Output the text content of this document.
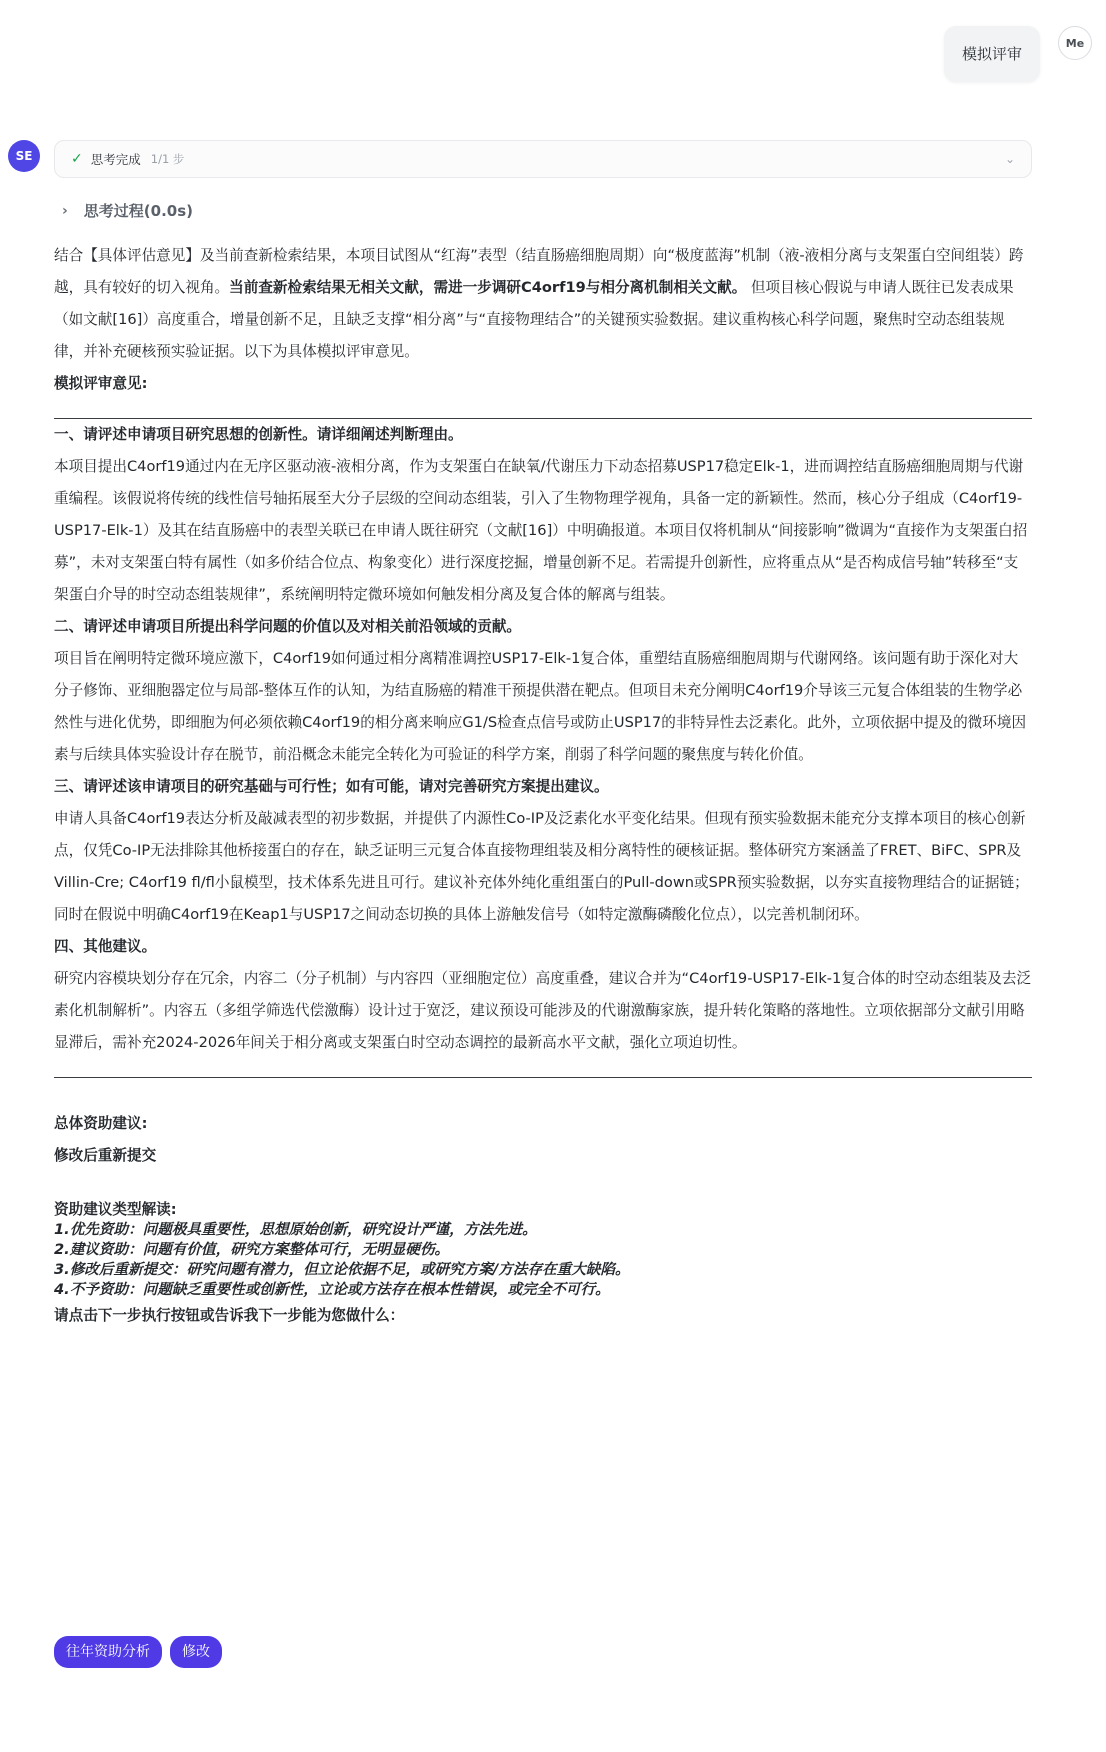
模拟评审
Me
SE	✓ 思考完成 1/1 步	⌄
› 思考过程(0.0s)

结合【具体评估意见】及当前查新检索结果，本项目试图从“红海”表型（结直肠癌细胞周期）向“极度蓝海”机制（液-液相分离与支架蛋白空间组装）跨越，具有较好的切入视角。当前查新检索结果无相关文献，需进一步调研C4orf19与相分离机制相关文献。 但项目核心假说与申请人既往已发表成果（如文献[16]）高度重合，增量创新不足，且缺乏支撑“相分离”与“直接物理结合”的关键预实验数据。建议重构核心科学问题，聚焦时空动态组装规律，并补充硬核预实验证据。以下为具体模拟评审意见。

模拟评审意见:

一、请评述申请项目研究思想的创新性。请详细阐述判断理由。

本项目提出C4orf19通过内在无序区驱动液-液相分离，作为支架蛋白在缺氧/代谢压力下动态招募USP17稳定Elk-1，进而调控结直肠癌细胞周期与代谢重编程。该假说将传统的线性信号轴拓展至大分子层级的空间动态组装，引入了生物物理学视角，具备一定的新颖性。然而，核心分子组成（C4orf19-USP17-Elk-1）及其在结直肠癌中的表型关联已在申请人既往研究（文献[16]）中明确报道。本项目仅将机制从“间接影响”微调为“直接作为支架蛋白招募”，未对支架蛋白特有属性（如多价结合位点、构象变化）进行深度挖掘，增量创新不足。若需提升创新性，应将重点从“是否构成信号轴”转移至“支架蛋白介导的时空动态组装规律”，系统阐明特定微环境如何触发相分离及复合体的解离与组装。

二、请评述申请项目所提出科学问题的价值以及对相关前沿领域的贡献。

项目旨在阐明特定微环境应激下，C4orf19如何通过相分离精准调控USP17-Elk-1复合体，重塑结直肠癌细胞周期与代谢网络。该问题有助于深化对大分子修饰、亚细胞器定位与局部-整体互作的认知，为结直肠癌的精准干预提供潜在靶点。但项目未充分阐明C4orf19介导该三元复合体组装的生物学必然性与进化优势，即细胞为何必须依赖C4orf19的相分离来响应G1/S检查点信号或防止USP17的非特异性去泛素化。此外，立项依据中提及的微环境因素与后续具体实验设计存在脱节，前沿概念未能完全转化为可验证的科学方案，削弱了科学问题的聚焦度与转化价值。

三、请评述该申请项目的研究基础与可行性；如有可能，请对完善研究方案提出建议。

申请人具备C4orf19表达分析及敲减表型的初步数据，并提供了内源性Co-IP及泛素化水平变化结果。但现有预实验数据未能充分支撑本项目的核心创新点，仅凭Co-IP无法排除其他桥接蛋白的存在，缺乏证明三元复合体直接物理组装及相分离特性的硬核证据。整体研究方案涵盖了FRET、BiFC、SPR及Villin-Cre; C4orf19 fl/fl小鼠模型，技术体系先进且可行。建议补充体外纯化重组蛋白的Pull-down或SPR预实验数据，以夯实直接物理结合的证据链；同时在假说中明确C4orf19在Keap1与USP17之间动态切换的具体上游触发信号（如特定激酶磷酸化位点），以完善机制闭环。

四、其他建议。

研究内容模块划分存在冗余，内容二（分子机制）与内容四（亚细胞定位）高度重叠，建议合并为“C4orf19-USP17-Elk-1复合体的时空动态组装及去泛素化机制解析”。内容五（多组学筛选代偿激酶）设计过于宽泛，建议预设可能涉及的代谢激酶家族，提升转化策略的落地性。立项依据部分文献引用略显滞后，需补充2024-2026年间关于相分离或支架蛋白时空动态调控的最新高水平文献，强化立项迫切性。

总体资助建议:

修改后重新提交

资助建议类型解读:
1.优先资助：问题极具重要性，思想原始创新，研究设计严谨，方法先进。
2.建议资助：问题有价值，研究方案整体可行，无明显硬伤。
3.修改后重新提交：研究问题有潜力，但立论依据不足，或研究方案/方法存在重大缺陷。
4.不予资助：问题缺乏重要性或创新性，立论或方法存在根本性错误，或完全不可行。

请点击下一步执行按钮或告诉我下一步能为您做什么：

往年资助分析	修改
